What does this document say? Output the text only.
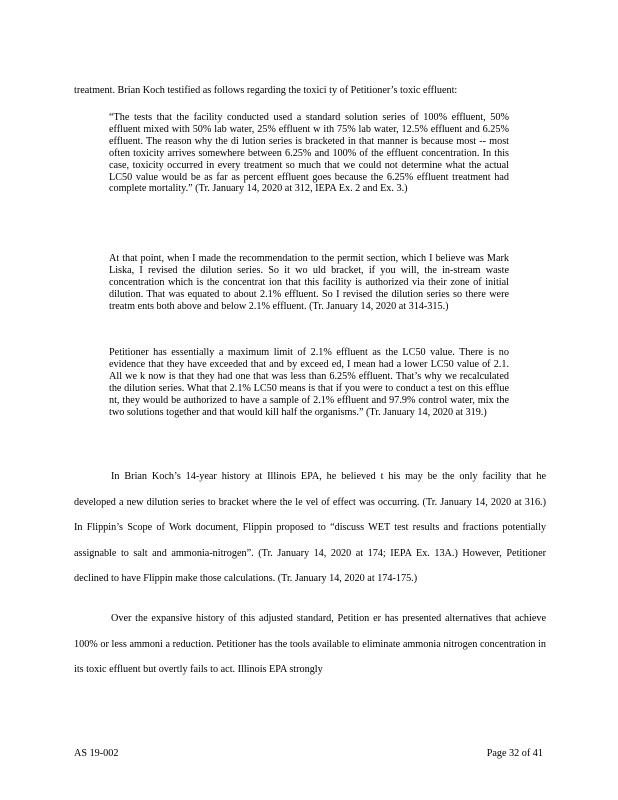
treatment. Brian Koch testified as follows regarding the toxici ty of Petitioner’s toxic effluent:
“The tests that the facility conducted used a standard solution series of 100% effluent, 50% effluent mixed with 50% lab water, 25% effluent w ith 75% lab water, 12.5% effluent and 6.25% effluent. The reason why the di lution series is bracketed in that manner is because most -- most often toxicity arrives somewhere between 6.25% and 100% of the effluent concentration. In this case, toxicity occurred in every treatment so much that we could not determine what the actual LC50 value would be as far as percent effluent goes because the 6.25% effluent treatment had complete mortality.” (Tr. January 14, 2020 at 312, IEPA Ex. 2 and Ex. 3.)
At that point, when I made the recommendation to the permit section, which I believe was Mark Liska, I revised the dilution series. So it wo uld bracket, if you will, the in-stream waste concentration which is the concentrat ion that this facility is authorized via their zone of initial dilution. That was equated to about 2.1% effluent. So I revised the dilution series so there were treatm ents both above and below 2.1% effluent. (Tr. January 14, 2020 at 314-315.)
Petitioner has essentially a maximum limit of 2.1% effluent as the LC50 value. There is no evidence that they have exceeded that and by exceed ed, I mean had a lower LC50 value of 2.1. All we k now is that they had one that was less than 6.25% effluent. That’s why we recalculated the dilution series. What that 2.1% LC50 means is that if you were to conduct a test on this efflue nt, they would be authorized to have a sample of 2.1% effluent and 97.9% control water, mix the two solutions together and that would kill half the organisms.” (Tr. January 14, 2020 at 319.)
In Brian Koch’s 14-year history at Illinois EPA, he believed t his may be the only facility that he developed a new dilution series to bracket where the le vel of effect was occurring. (Tr. January 14, 2020 at 316.) In Flippin’s Scope of Work document, Flippin proposed to “discuss WET test results and fractions potentially assignable to salt and ammonia-nitrogen”. (Tr. January 14, 2020 at 174; IEPA Ex. 13A.) However, Petitioner declined to have Flippin make those calculations. (Tr. January 14, 2020 at 174-175.)
Over the expansive history of this adjusted standard, Petition er has presented alternatives that achieve 100% or less ammoni a reduction. Petitioner has the tools available to eliminate ammonia nitrogen concentration in its toxic effluent but overtly fails to act. Illinois EPA strongly
AS 19-002	Page 32 of 41
